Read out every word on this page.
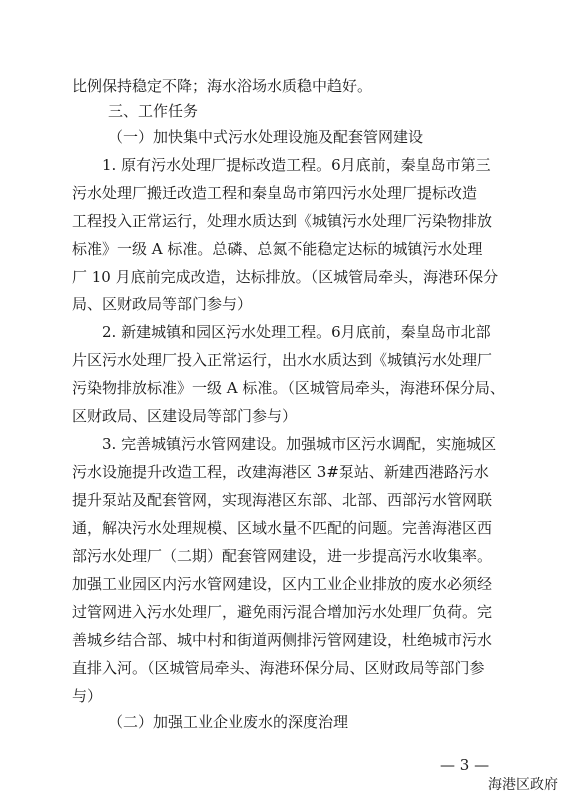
比例保持稳定不降；海水浴场水质稳中趋好。
三、工作任务
（一）加快集中式污水处理设施及配套管网建设
1. 原有污水处理厂提标改造工程。6月底前，秦皇岛市第三
污水处理厂搬迁改造工程和秦皇岛市第四污水处理厂提标改造
工程投入正常运行，处理水质达到《城镇污水处理厂污染物排放
标准》一级 A 标准。总磷、总氮不能稳定达标的城镇污水处理
厂 10 月底前完成改造，达标排放。（区城管局牵头，海港环保分
局、区财政局等部门参与）
2. 新建城镇和园区污水处理工程。6月底前，秦皇岛市北部
片区污水处理厂投入正常运行，出水水质达到《城镇污水处理厂
污染物排放标准》一级 A 标准。（区城管局牵头，海港环保分局、
区财政局、区建设局等部门参与）
3. 完善城镇污水管网建设。加强城市区污水调配，实施城区
污水设施提升改造工程，改建海港区 3#泵站、新建西港路污水
提升泵站及配套管网，实现海港区东部、北部、西部污水管网联
通，解决污水处理规模、区域水量不匹配的问题。完善海港区西
部污水处理厂（二期）配套管网建设，进一步提高污水收集率。
加强工业园区内污水管网建设，区内工业企业排放的废水必须经
过管网进入污水处理厂，避免雨污混合增加污水处理厂负荷。完
善城乡结合部、城中村和街道两侧排污管网建设，杜绝城市污水
直排入河。（区城管局牵头、海港环保分局、区财政局等部门参
与）
（二）加强工业企业废水的深度治理
— 3 —
海港区政府
